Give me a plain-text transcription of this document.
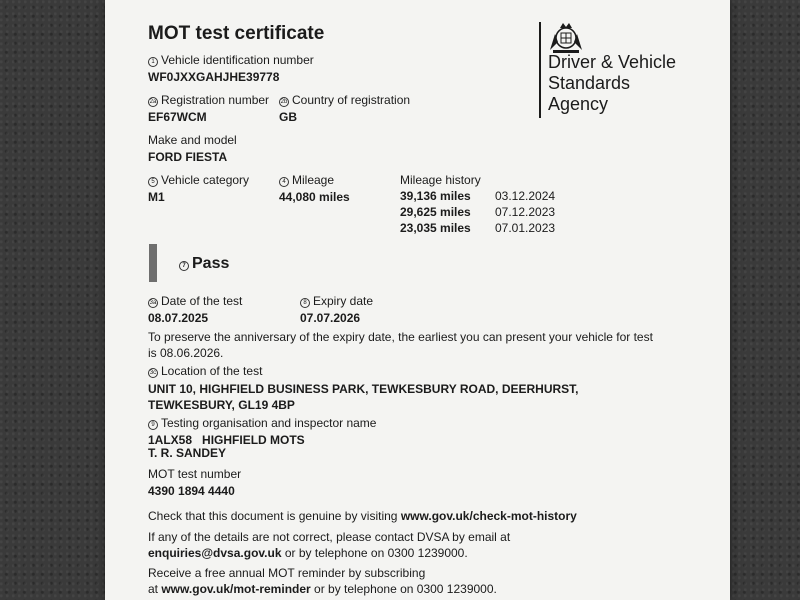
MOT test certificate
Driver & Vehicle
Standards
Agency
1 Vehicle identification number
WF0JXXGAHJHE39778
2a Registration number
EF67WCM
2b Country of registration
GB
Make and model
FORD FIESTA
5 Vehicle category
M1
4 Mileage
44,080 miles
Mileage history
39,136 miles 03.12.2024
29,625 miles 07.12.2023
23,035 miles 07.01.2023
7 Pass
3a Date of the test
08.07.2025
8 Expiry date
07.07.2026
To preserve the anniversary of the expiry date, the earliest you can present your vehicle for test is 08.06.2026.
3c Location of the test
UNIT 10, HIGHFIELD BUSINESS PARK, TEWKESBURY ROAD, DEERHURST, TEWKESBURY, GL19 4BP
9 Testing organisation and inspector name
1ALX58   HIGHFIELD MOTS
T. R. SANDEY
MOT test number
4390 1894 4440
Check that this document is genuine by visiting www.gov.uk/check-mot-history
If any of the details are not correct, please contact DVSA by email at
enquiries@dvsa.gov.uk or by telephone on 0300 1239000.
Receive a free annual MOT reminder by subscribing
at www.gov.uk/mot-reminder or by telephone on 0300 1239000.
